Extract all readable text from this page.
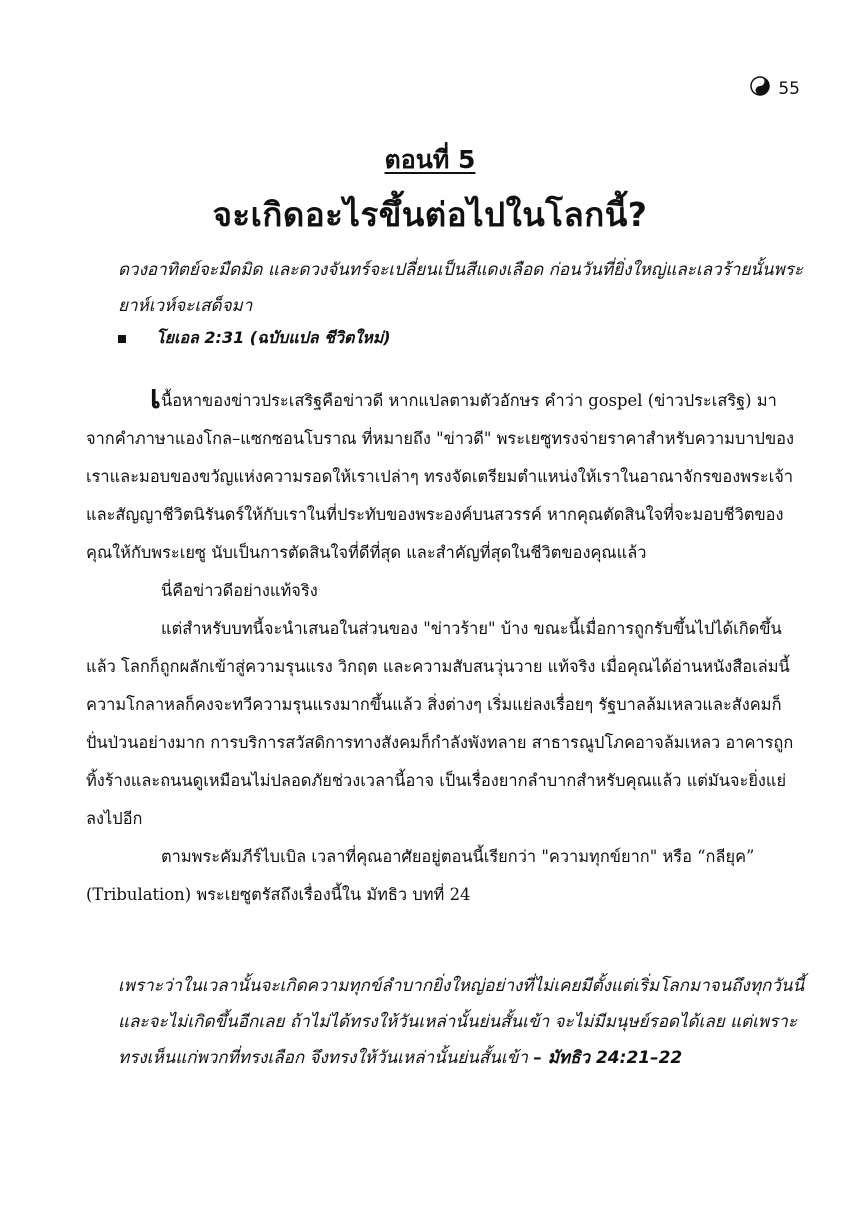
55
ตอนที่ 5
จะเกิดอะไรขึ้นต่อไปในโลกนี้?
ดวงอาทิตย์จะมืดมิด และดวงจันทร์จะเปลี่ยนเป็นสีแดงเลือด ก่อนวันที่ยิ่งใหญ่และเลวร้ายนั้นพระยาห์เวห์จะเสด็จมา
โยเอล 2:31 (ฉบับแปล ชีวิตใหม่)

เนื้อหาของข่าวประเสริฐคือข่าวดี หากแปลตามตัวอักษร คำว่า gospel (ข่าวประเสริฐ) มาจากคำภาษาแองโกล–แซกซอนโบราณ ที่หมายถึง "ข่าวดี" พระเยซูทรงจ่ายราคาสำหรับความบาปของเราและมอบของขวัญแห่งความรอดให้เราเปล่าๆ ทรงจัดเตรียมตำแหน่งให้เราในอาณาจักรของพระเจ้า และสัญญาชีวิตนิรันดร์ให้กับเราในที่ประทับของพระองค์บนสวรรค์ หากคุณตัดสินใจที่จะมอบชีวิตของคุณให้กับพระเยซู นับเป็นการตัดสินใจที่ดีที่สุด และสำคัญที่สุดในชีวิตของคุณแล้ว

นี่คือข่าวดีอย่างแท้จริง

แต่สำหรับบทนี้จะนำเสนอในส่วนของ "ข่าวร้าย" บ้าง ขณะนี้เมื่อการถูกรับขึ้นไปได้เกิดขึ้นแล้ว โลกก็ถูกผลักเข้าสู่ความรุนแรง วิกฤต และความสับสนวุ่นวาย แท้จริง เมื่อคุณได้อ่านหนังสือเล่มนี้ ความโกลาหลก็คงจะทวีความรุนแรงมากขึ้นแล้ว สิ่งต่างๆ เริ่มแย่ลงเรื่อยๆ รัฐบาลล้มเหลวและสังคมก็ปั่นป่วนอย่างมาก การบริการสวัสดิการทางสังคมก็กำลังพังทลาย สาธารณูปโภคอาจล้มเหลว อาคารถูกทิ้งร้างและถนนดูเหมือนไม่ปลอดภัยช่วงเวลานี้อาจ เป็นเรื่องยากลำบากสำหรับคุณแล้ว แต่มันจะยิ่งแย่ลงไปอีก

ตามพระคัมภีร์ไบเบิล เวลาที่คุณอาศัยอยู่ตอนนี้เรียกว่า "ความทุกข์ยาก" หรือ “กลียุค” (Tribulation) พระเยซูตรัสถึงเรื่องนี้ใน มัทธิว บทที่ 24

เพราะว่าในเวลานั้นจะเกิดความทุกข์ลำบากยิ่งใหญ่อย่างที่ไม่เคยมีตั้งแต่เริ่มโลกมาจนถึงทุกวันนี้ และจะไม่เกิดขึ้นอีกเลย ถ้าไม่ได้ทรงให้วันเหล่านั้นย่นสั้นเข้า จะไม่มีมนุษย์รอดได้เลย แต่เพราะทรงเห็นแก่พวกที่ทรงเลือก จึงทรงให้วันเหล่านั้นย่นสั้นเข้า – มัทธิว 24:21–22
